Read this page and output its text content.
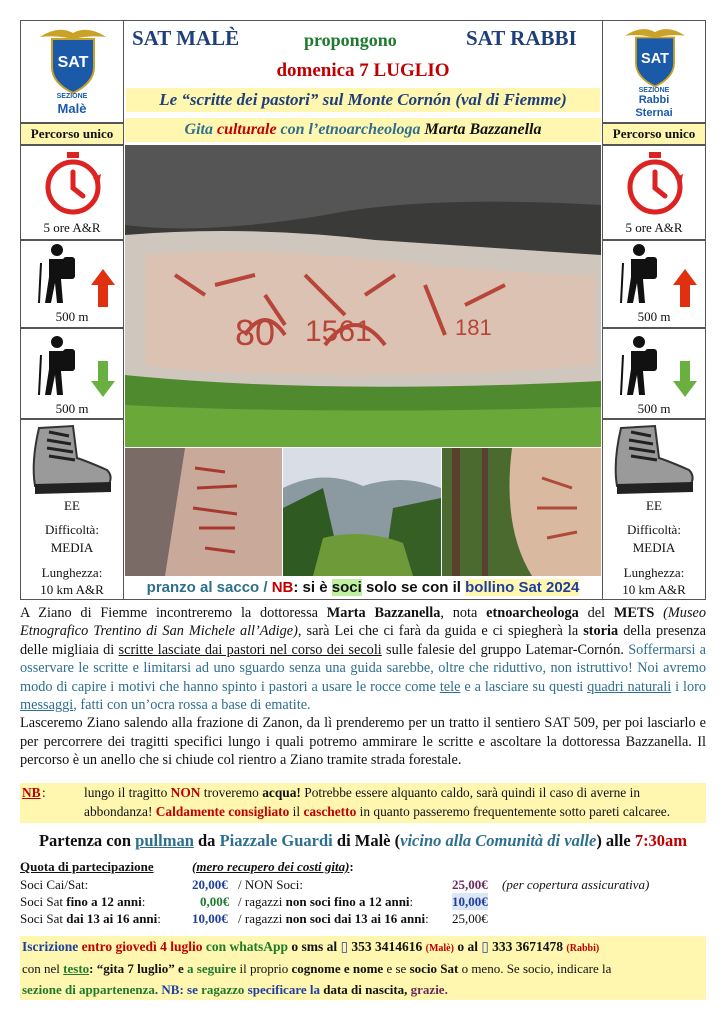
SAT
SEZIONE
Malè
SAT
SEZIONE
Rabbi
Sternai
SAT MALÈ	propongono	SAT RABBI
domenica 7 LUGLIO
Le “scritte dei pastori” sul Monte Cornón (val di Fiemme)
Gita culturale con l’etnoarcheologa Marta Bazzanella
Percorso unico	Percorso unico
5 ore A&R
500 m
500 m
EE
Difficoltà:
MEDIA
Lunghezza:
10 km A&R
5 ore A&R
500 m
500 m
EE
Difficoltà:
MEDIA
Lunghezza:
10 km A&R
80 1561	181
pranzo al sacco / NB: si è soci solo se con il bollino Sat 2024

A Ziano di Fiemme incontreremo la dottoressa Marta Bazzanella, nota etnoarcheologa del METS (Museo Etnografico Trentino di San Michele all’Adige), sarà Lei che ci farà da guida e ci spiegherà la storia della presenza delle migliaia di scritte lasciate dai pastori nel corso dei secoli sulle falesie del gruppo Latemar-Cornón. Soffermarsi a osservare le scritte e limitarsi ad uno sguardo senza una guida sarebbe, oltre che riduttivo, non istruttivo! Noi avremo modo di capire i motivi che hanno spinto i pastori a usare le rocce come tele e a lasciare su questi quadri naturali i loro messaggi, fatti con un’ocra rossa a base di ematite.

Lasceremo Ziano salendo alla frazione di Zanon, da lì prenderemo per un tratto il sentiero SAT 509, per poi lasciarlo e per percorrere dei tragitti specifici lungo i quali potremo ammirare le scritte e ascoltare la dottoressa Bazzanella. Il percorso è un anello che si chiude col rientro a Ziano tramite strada forestale.

NB :	lungo il tragitto NON troveremo acqua! Potrebbe essere alquanto caldo, sarà quindi il caso di averne in abbondanza! Caldamente consigliato il caschetto in quanto passeremo frequentemente sotto pareti calcaree.
Partenza con pullman da Piazzale Guardi di Malè (vicino alla Comunità di valle) alle 7:30am
Quota di partecipazione	(mero recupero dei costi gita):
Soci Cai/Sat:	20,00€ / NON Soci:	25,00€ (per copertura assicurativa)
Soci Sat fino a 12 anni:	0,00€ / ragazzi non soci fino a 12 anni:	10,00€
Soci Sat dai 13 ai 16 anni: 10,00€ / ragazzi non soci dai 13 ai 16 anni: 25,00€
Iscrizione entro giovedì 4 luglio con whatsApp o sms al ▯ 353 3414616 (Malè) o al ▯ 333 3671478 (Rabbi)
con nel testo: “gita 7 luglio” e a seguire il proprio cognome e nome e se socio Sat o meno. Se socio, indicare la
sezione di appartenenza. NB: se ragazzo specificare la data di nascita, grazie.
